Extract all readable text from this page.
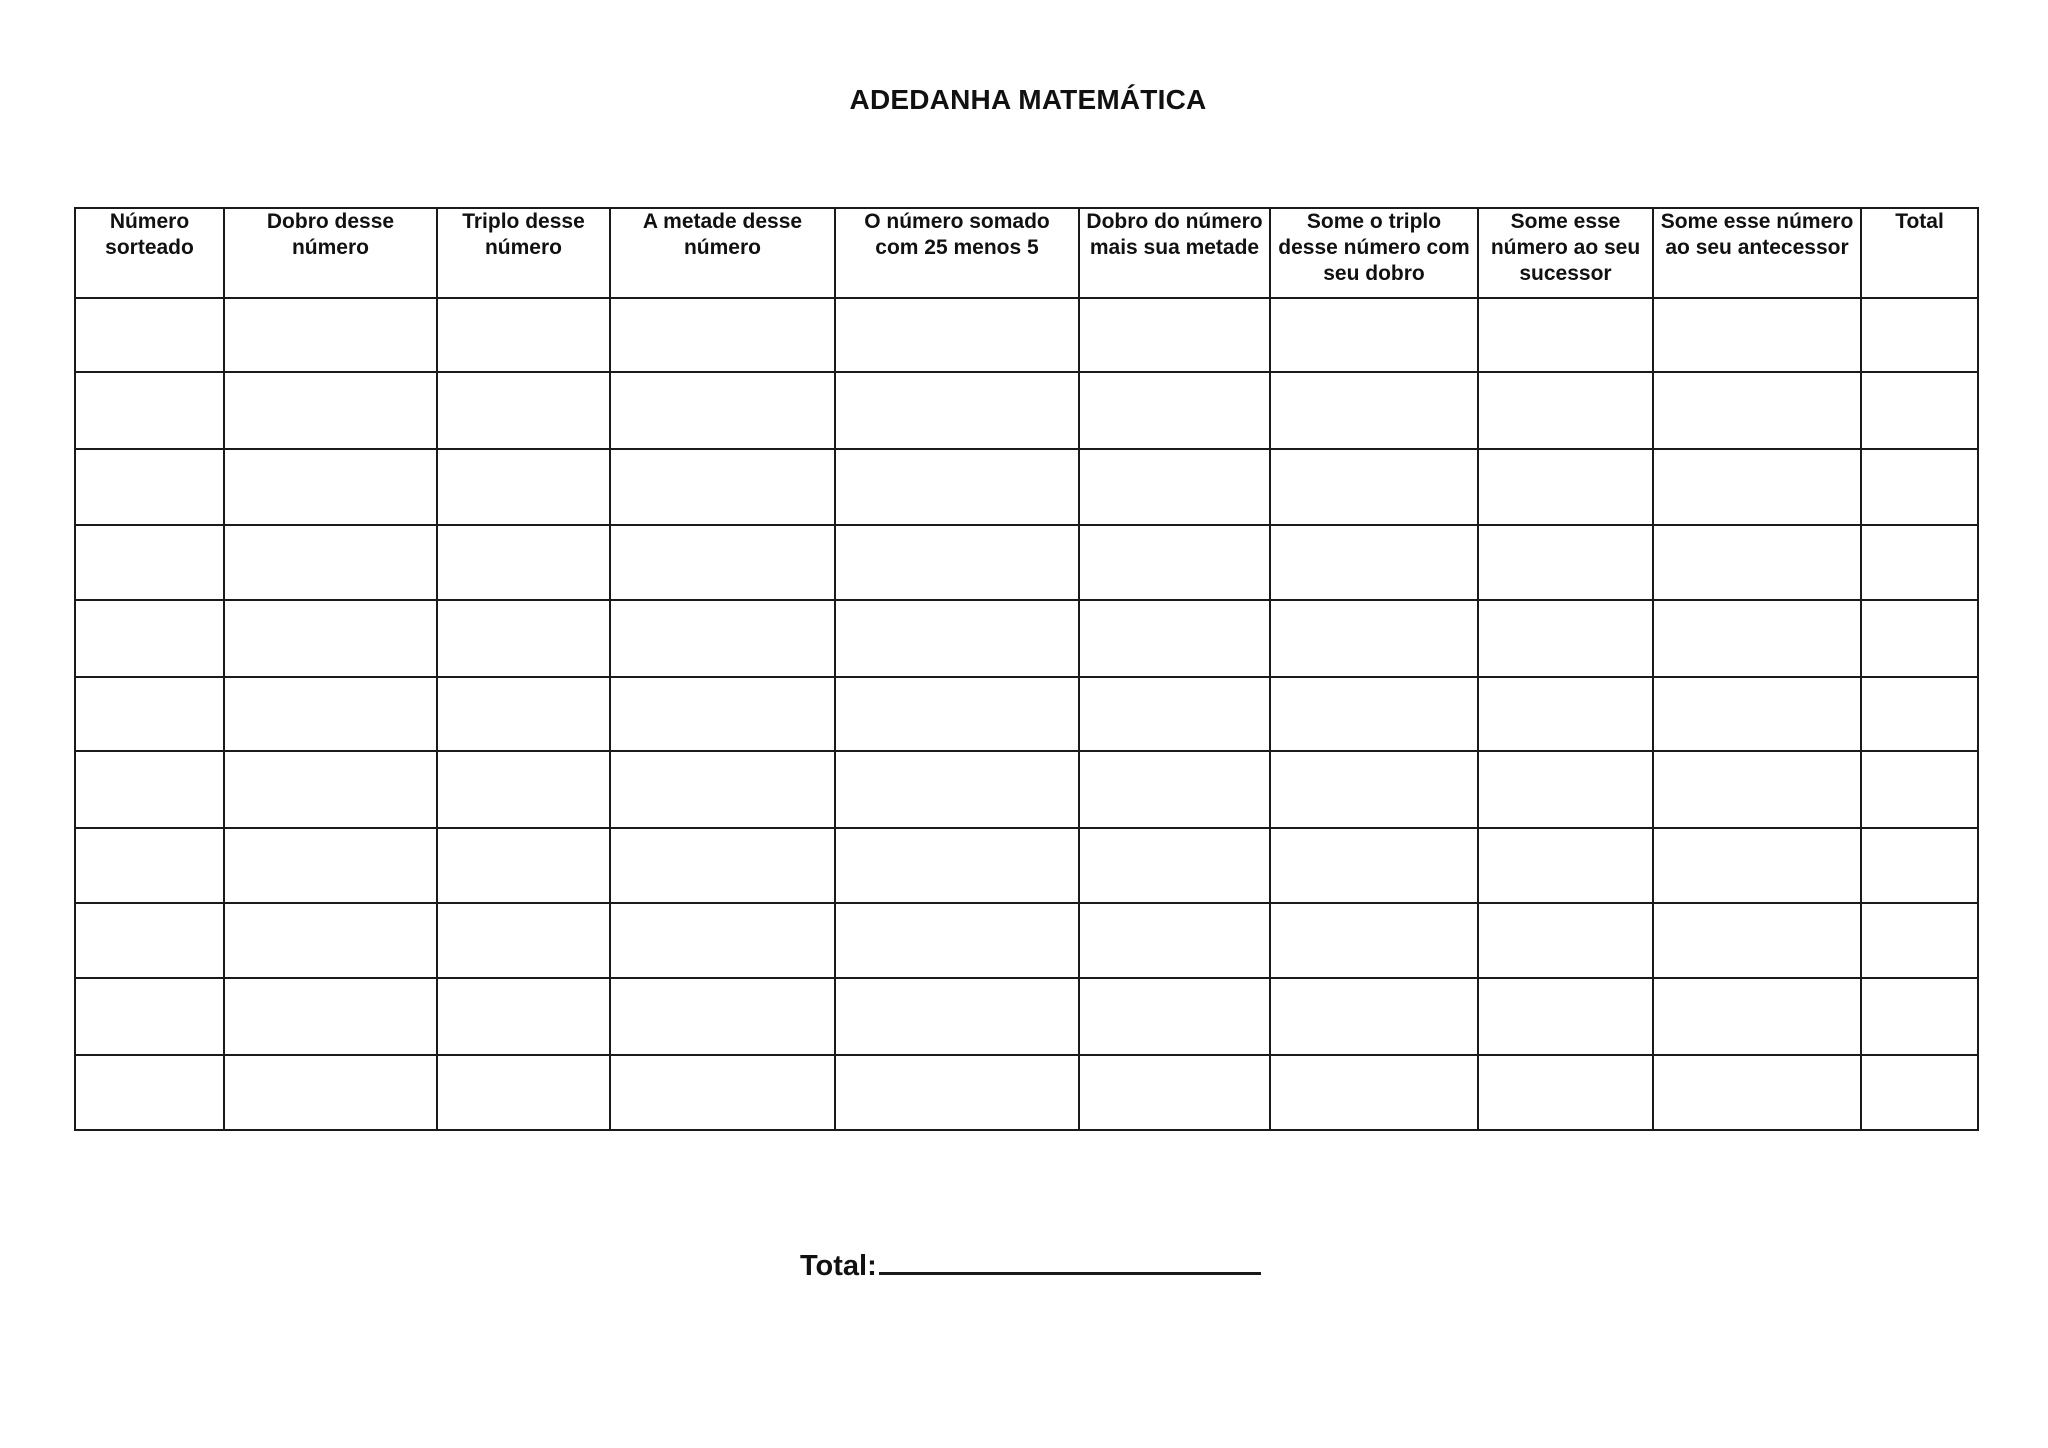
ADEDANHA MATEMÁTICA
Número sorteado	Dobro desse número	Triplo desse número	A metade desse número	O número somado com 25 menos 5	Dobro do número mais sua metade	Some o triplo desse número com seu dobro	Some esse número ao seu sucessor	Some esse número ao seu antecessor	Total

Total:
